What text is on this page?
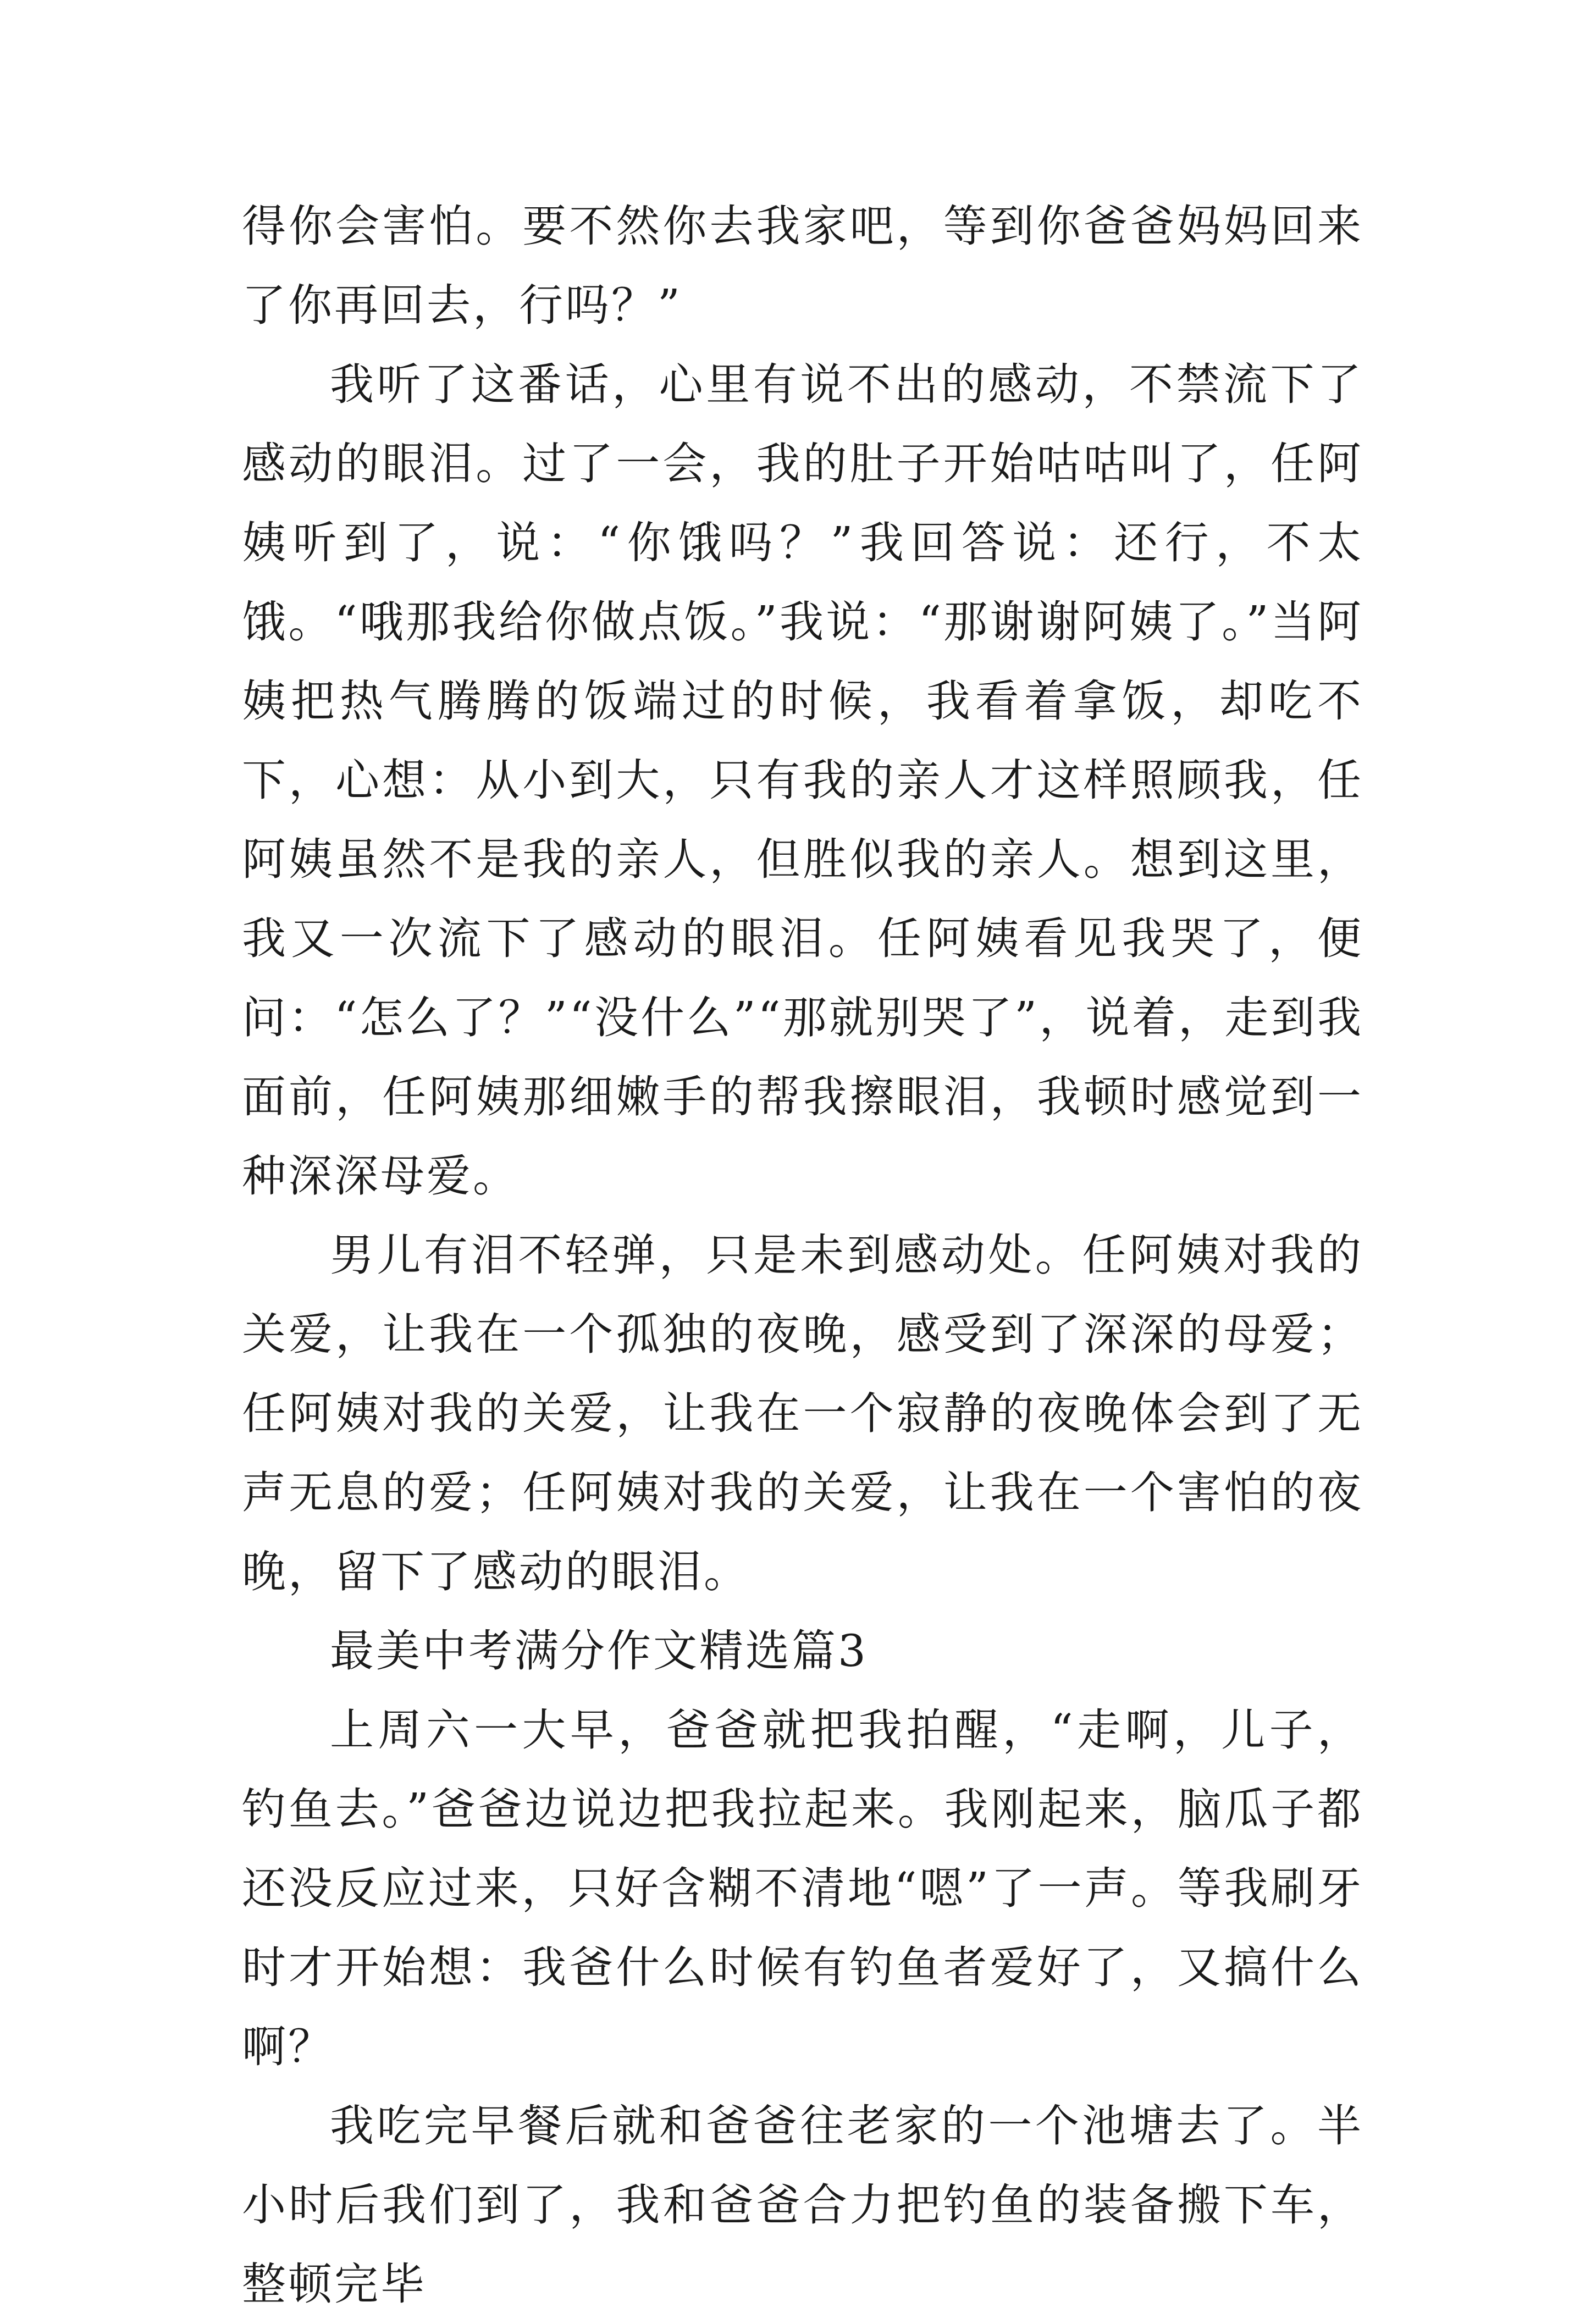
得你会害怕。要不然你去我家吧，等到你爸爸妈妈回来了你再回去，行吗？”

我听了这番话，心里有说不出的感动，不禁流下了感动的眼泪。过了一会，我的肚子开始咕咕叫了，任阿姨听到了，说：“你饿吗？”我回答说：还行，不太饿。“哦那我给你做点饭。”我说：“那谢谢阿姨了。”当阿姨把热气腾腾的饭端过的时候，我看着拿饭，却吃不下，心想：从小到大，只有我的亲人才这样照顾我，任阿姨虽然不是我的亲人，但胜似我的亲人。想到这里，我又一次流下了感动的眼泪。任阿姨看见我哭了，便问：“怎么了？”“没什么”“那就别哭了”，说着，走到我面前，任阿姨那细嫩手的帮我擦眼泪，我顿时感觉到一种深深母爱。

男儿有泪不轻弹，只是未到感动处。任阿姨对我的关爱，让我在一个孤独的夜晚，感受到了深深的母爱；任阿姨对我的关爱，让我在一个寂静的夜晚体会到了无声无息的爱；任阿姨对我的关爱，让我在一个害怕的夜晚，留下了感动的眼泪。

最美中考满分作文精选篇3

上周六一大早，爸爸就把我拍醒，“走啊，儿子，钓鱼去。”爸爸边说边把我拉起来。我刚起来，脑瓜子都还没反应过来，只好含糊不清地“嗯”了一声。等我刷牙时才开始想：我爸什么时候有钓鱼者爱好了，又搞什么啊？

我吃完早餐后就和爸爸往老家的一个池塘去了。半小时后我们到了，我和爸爸合力把钓鱼的装备搬下车，整顿完毕
